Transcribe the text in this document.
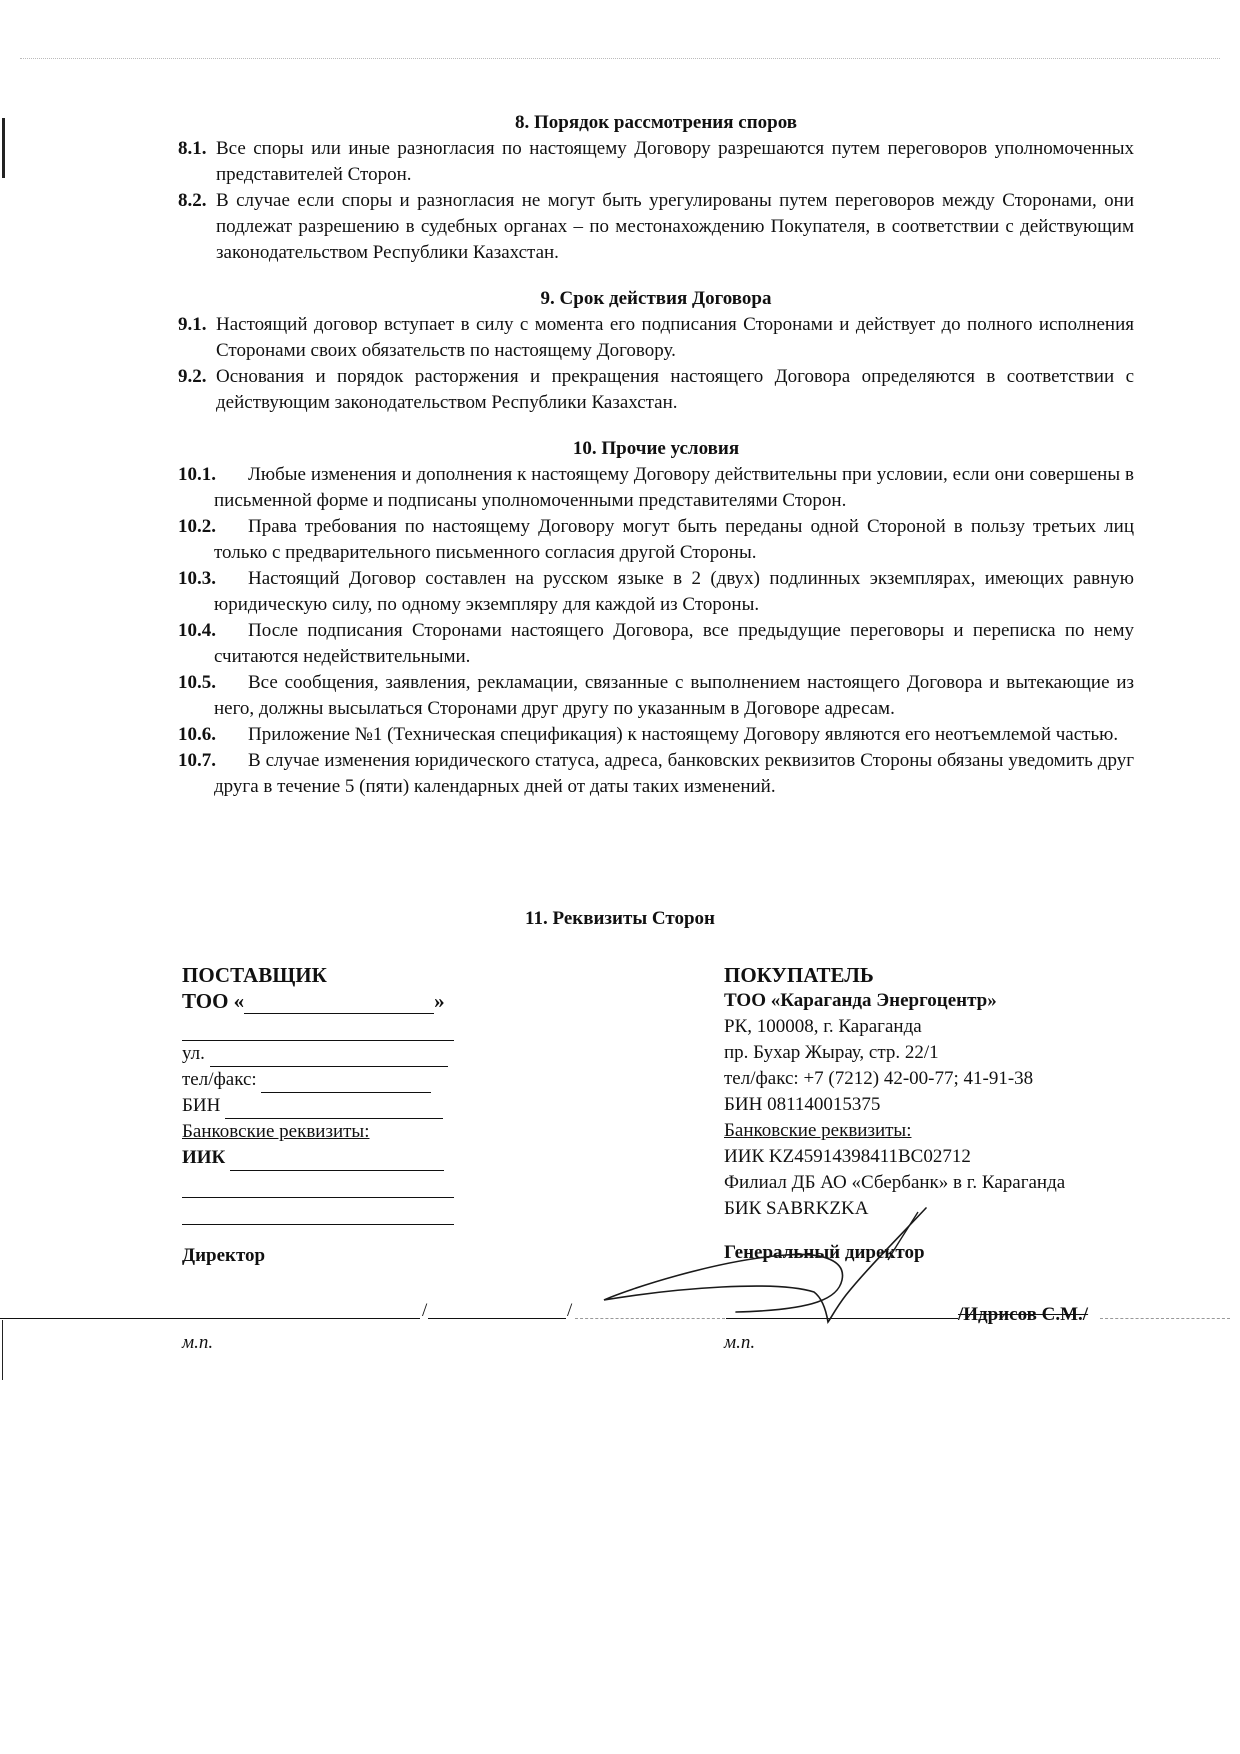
8. Порядок рассмотрения споров

8.1. Все споры или иные разногласия по настоящему Договору разрешаются путем переговоров уполномоченных представителей Сторон.

8.2. В случае если споры и разногласия не могут быть урегулированы путем переговоров между Сторонами, они подлежат разрешению в судебных органах – по местонахождению Покупателя, в соответствии с действующим законодательством Республики Казахстан.

9. Срок действия Договора

9.1. Настоящий договор вступает в силу с момента его подписания Сторонами и действует до полного исполнения Сторонами своих обязательств по настоящему Договору.

9.2. Основания и порядок расторжения и прекращения настоящего Договора определяются в соответствии с действующим законодательством Республики Казахстан.

10. Прочие условия

10.1.	Любые изменения и дополнения к настоящему Договору действительны при условии, если они совершены в письменной форме и подписаны уполномоченными представителями Сторон.

10.2.	Права требования по настоящему Договору могут быть переданы одной Стороной в пользу третьих лиц только с предварительного письменного согласия другой Стороны.

10.3.	Настоящий Договор составлен на русском языке в 2 (двух) подлинных экземплярах, имеющих равную юридическую силу, по одному экземпляру для каждой из Стороны.

10.4.	После подписания Сторонами настоящего Договора, все предыдущие переговоры и переписка по нему считаются недействительными.

10.5.	Все сообщения, заявления, рекламации, связанные с выполнением настоящего Договора и вытекающие из него, должны высылаться Сторонами друг другу по указанным в Договоре адресам.

10.6.	Приложение №1 (Техническая спецификация) к настоящему Договору являются его неотъемлемой частью.

10.7.	В случае изменения юридического статуса, адреса, банковских реквизитов Стороны обязаны уведомить друг друга в течение 5 (пяти) календарных дней от даты таких изменений.

11. Реквизиты Сторон
ПОСТАВЩИК
ТОО «	»
ул.
тел/факс:
БИН
Банковские реквизиты:
ИИК
Директор
ПОКУПАТЕЛЬ
ТОО «Караганда Энергоцентр»
РК, 100008, г. Караганда
пр. Бухар Жырау, стр. 22/1
тел/факс: +7 (7212) 42-00-77; 41-91-38
БИН 081140015375
Банковские реквизиты:
ИИК KZ45914398411BC02712
Филиал ДБ АО «Сбербанк» в г. Караганда
БИК SABRKZKA
Генеральный директор
/	/	/Идрисов С.М./
м.п.	м.п.
